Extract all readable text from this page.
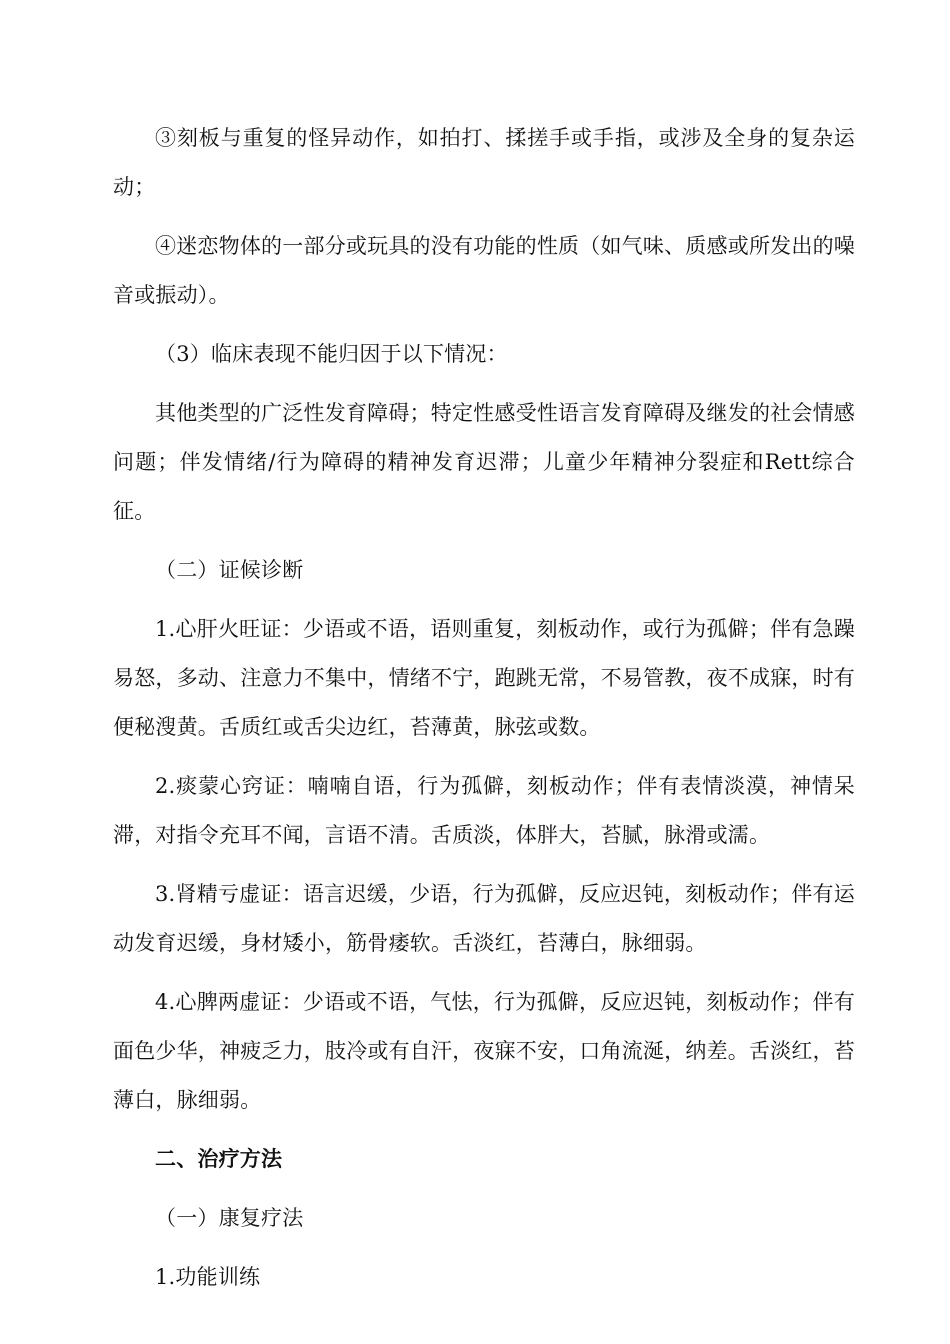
③刻板与重复的怪异动作，如拍打、揉搓手或手指，或涉及全身的复杂运动；

④迷恋物体的一部分或玩具的没有功能的性质（如气味、质感或所发出的噪音或振动）。

（3）临床表现不能归因于以下情况：

其他类型的广泛性发育障碍；特定性感受性语言发育障碍及继发的社会情感问题；伴发情绪/行为障碍的精神发育迟滞；儿童少年精神分裂症和Rett综合征。

（二）证候诊断

1.心肝火旺证：少语或不语，语则重复，刻板动作，或行为孤僻；伴有急躁易怒，多动、注意力不集中，情绪不宁，跑跳无常，不易管教，夜不成寐，时有便秘溲黄。舌质红或舌尖边红，苔薄黄，脉弦或数。

2.痰蒙心窍证：喃喃自语，行为孤僻，刻板动作；伴有表情淡漠，神情呆滞，对指令充耳不闻，言语不清。舌质淡，体胖大，苔腻，脉滑或濡。

3.肾精亏虚证：语言迟缓，少语，行为孤僻，反应迟钝，刻板动作；伴有运动发育迟缓，身材矮小，筋骨痿软。舌淡红，苔薄白，脉细弱。

4.心脾两虚证：少语或不语，气怯，行为孤僻，反应迟钝，刻板动作；伴有面色少华，神疲乏力，肢冷或有自汗，夜寐不安，口角流涎，纳差。舌淡红，苔薄白，脉细弱。

二、治疗方法

（一）康复疗法

1.功能训练
